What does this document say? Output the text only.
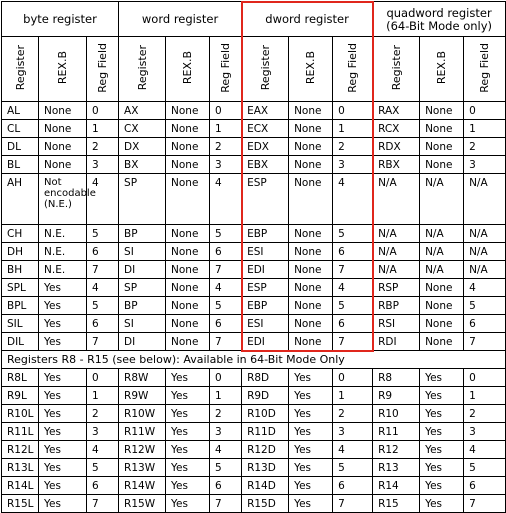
byte register			word register			dword register			quadword register
(64-Bit Mode only)		
Register	REX.B	Reg Field	Register	REX.B	Reg Field	Register	REX.B	Reg Field	Register	REX.B	Reg Field
AL	None	0	AX	None	0	EAX	None	0	RAX	None	0
CL	None	1	CX	None	1	ECX	None	1	RCX	None	1
DL	None	2	DX	None	2	EDX	None	2	RDX	None	2
BL	None	3	BX	None	3	EBX	None	3	RBX	None	3
AH	Not encodable (N.E.)	4	SP	None	4	ESP	None	4	N/A	N/A	N/A
CH	N.E.	5	BP	None	5	EBP	None	5	N/A	N/A	N/A
DH	N.E.	6	SI	None	6	ESI	None	6	N/A	N/A	N/A
BH	N.E.	7	DI	None	7	EDI	None	7	N/A	N/A	N/A
SPL	Yes	4	SP	None	4	ESP	None	4	RSP	None	4
BPL	Yes	5	BP	None	5	EBP	None	5	RBP	None	5
SIL	Yes	6	SI	None	6	ESI	None	6	RSI	None	6
DIL	Yes	7	DI	None	7	EDI	None	7	RDI	None	7
Registers R8 - R15 (see below): Available in 64-Bit Mode Only											
R8L	Yes	0	R8W	Yes	0	R8D	Yes	0	R8	Yes	0
R9L	Yes	1	R9W	Yes	1	R9D	Yes	1	R9	Yes	1
R10L	Yes	2	R10W	Yes	2	R10D	Yes	2	R10	Yes	2
R11L	Yes	3	R11W	Yes	3	R11D	Yes	3	R11	Yes	3
R12L	Yes	4	R12W	Yes	4	R12D	Yes	4	R12	Yes	4
R13L	Yes	5	R13W	Yes	5	R13D	Yes	5	R13	Yes	5
R14L	Yes	6	R14W	Yes	6	R14D	Yes	6	R14	Yes	6
R15L	Yes	7	R15W	Yes	7	R15D	Yes	7	R15	Yes	7
